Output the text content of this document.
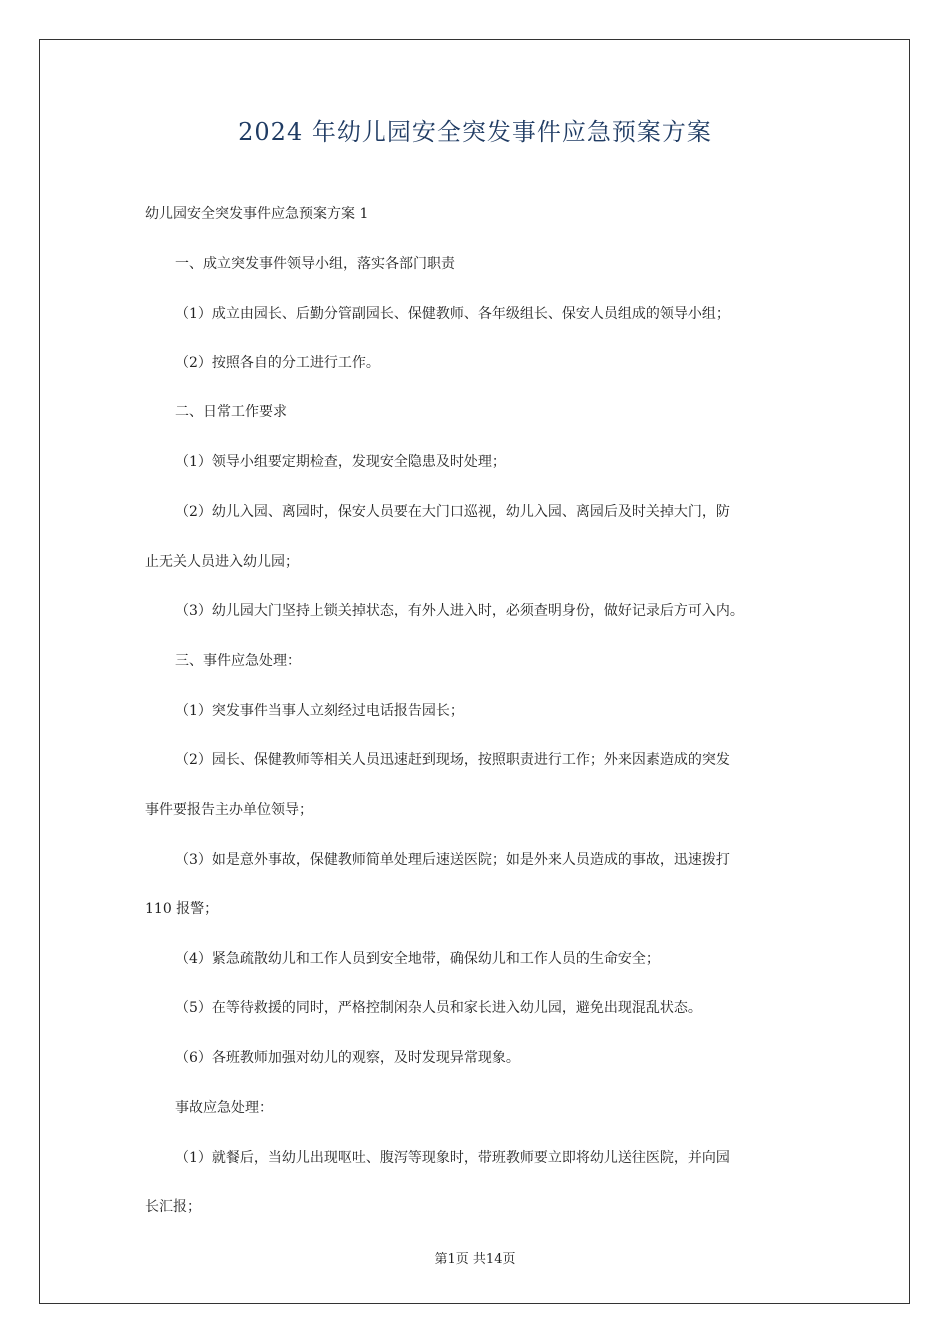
2024 年幼儿园安全突发事件应急预案方案
幼儿园安全突发事件应急预案方案 1
一、成立突发事件领导小组，落实各部门职责
（1）成立由园长、后勤分管副园长、保健教师、各年级组长、保安人员组成的领导小组；
（2）按照各自的分工进行工作。
二、日常工作要求
（1）领导小组要定期检查，发现安全隐患及时处理；
（2）幼儿入园、离园时，保安人员要在大门口巡视，幼儿入园、离园后及时关掉大门，防
止无关人员进入幼儿园；
（3）幼儿园大门坚持上锁关掉状态，有外人进入时，必须查明身份，做好记录后方可入内。
三、事件应急处理：
（1）突发事件当事人立刻经过电话报告园长；
（2）园长、保健教师等相关人员迅速赶到现场，按照职责进行工作；外来因素造成的突发
事件要报告主办单位领导；
（3）如是意外事故，保健教师简单处理后速送医院；如是外来人员造成的事故，迅速拨打
110 报警；
（4）紧急疏散幼儿和工作人员到安全地带，确保幼儿和工作人员的生命安全；
（5）在等待救援的同时，严格控制闲杂人员和家长进入幼儿园，避免出现混乱状态。
（6）各班教师加强对幼儿的观察，及时发现异常现象。
事故应急处理：
（1）就餐后，当幼儿出现呕吐、腹泻等现象时，带班教师要立即将幼儿送往医院，并向园
长汇报；
第1页 共14页
